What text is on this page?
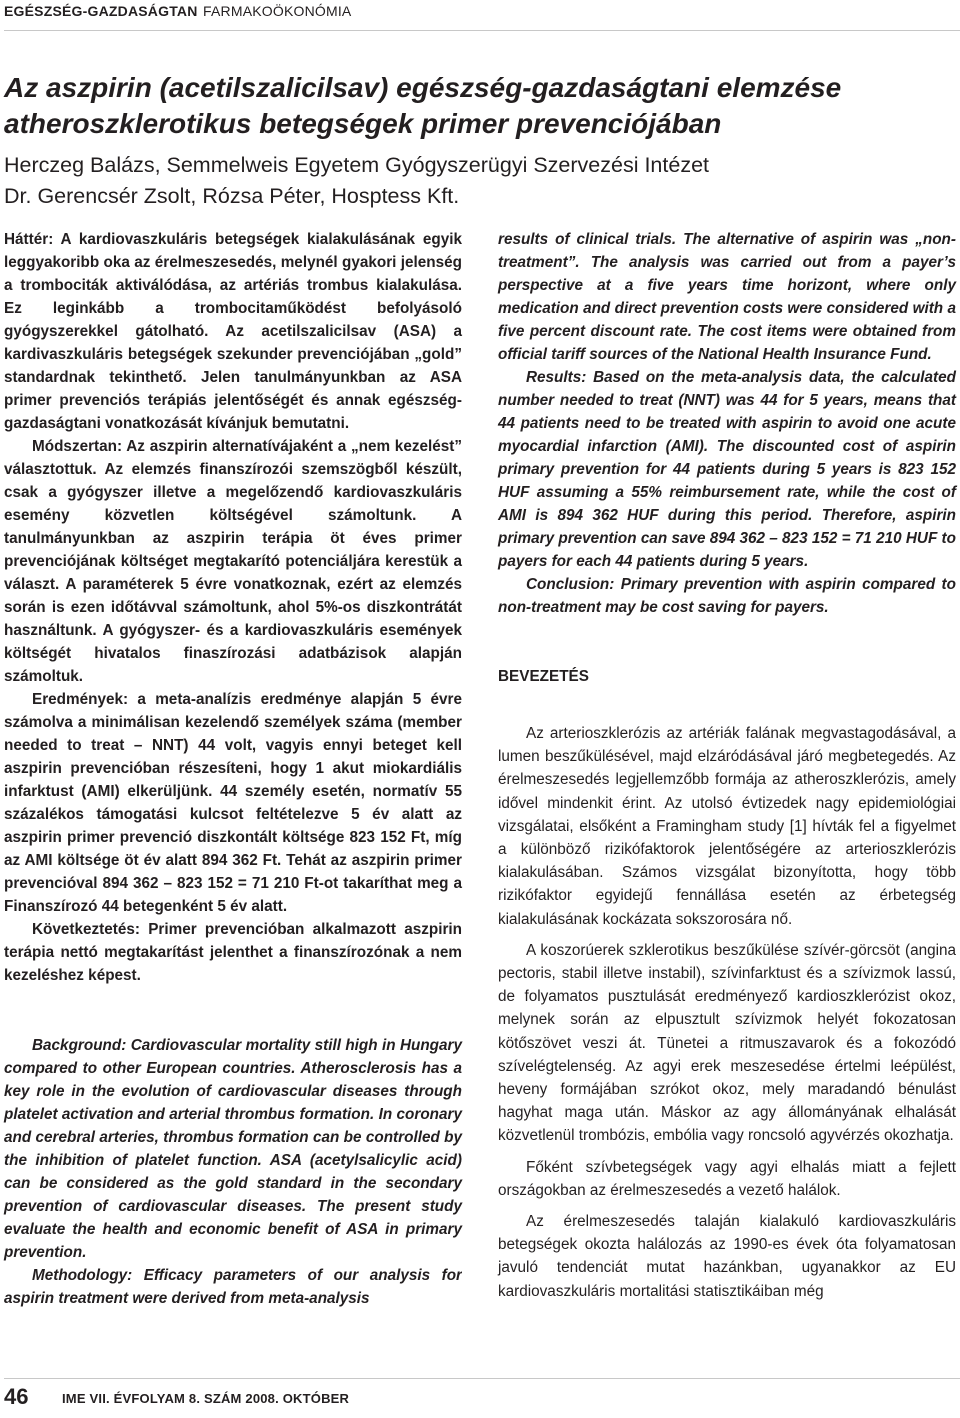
EGÉSZSÉG-GAZDASÁGTAN FARMAKOÖKONÓMIA
Az aszpirin (acetilszalicilsav) egészség-gazdaságtani elemzése atheroszklerotikus betegségek primer prevenciójában
Herczeg Balázs, Semmelweis Egyetem Gyógyszerügyi Szervezési Intézet
Dr. Gerencsér Zsolt, Rózsa Péter, Hosptess Kft.

Háttér: A kardiovaszkuláris betegségek kialakulásának egyik leggyakoribb oka az érelmeszesedés, melynél gyakori jelenség a trombociták aktiválódása, az artériás trombus kialakulása. Ez leginkább a trombocitaműködést befolyásoló gyógyszerekkel gátolható. Az acetilszalicilsav (ASA) a kardivaszkuláris betegségek szekunder prevenciójában „gold” standardnak tekinthető. Jelen tanulmányunkban az ASA primer prevenciós terápiás jelentőségét és annak egészség-gazdaságtani vonatkozását kívánjuk bemutatni.

Módszertan: Az aszpirin alternatívájaként a „nem kezelést” választottuk. Az elemzés finanszírozói szemszögből készült, csak a gyógyszer illetve a megelőzendő kardiovaszkuláris esemény közvetlen költségével számoltunk. A tanulmányunkban az aszpirin terápia öt éves primer prevenciójának költséget megtakarító potenciáljára kerestük a választ. A paraméterek 5 évre vonatkoznak, ezért az elemzés során is ezen időtávval számoltunk, ahol 5%-os diszkontrátát használtunk. A gyógyszer- és a kardiovaszkuláris események költségét hivatalos finaszírozási adatbázisok alapján számoltuk.

Eredmények: a meta-analízis eredménye alapján 5 évre számolva a minimálisan kezelendő személyek száma (member needed to treat – NNT) 44 volt, vagyis ennyi beteget kell aszpirin prevencióban részesíteni, hogy 1 akut miokardiális infarktust (AMI) elkerüljünk. 44 személy esetén, normatív 55 százalékos támogatási kulcsot feltételezve 5 év alatt az aszpirin primer prevenció diszkontált költsége 823 152 Ft, míg az AMI költsége öt év alatt 894 362 Ft. Tehát az aszpirin primer prevencióval 894 362 – 823 152 = 71 210 Ft-ot takaríthat meg a Finanszírozó 44 betegenként 5 év alatt.

Következtetés: Primer prevencióban alkalmazott aszpirin terápia nettó megtakarítást jelenthet a finanszírozónak a nem kezeléshez képest.

Background: Cardiovascular mortality still high in Hungary compared to other European countries. Atherosclerosis has a key role in the evolution of cardiovascular diseases through platelet activation and arterial thrombus formation. In coronary and cerebral arteries, thrombus formation can be controlled by the inhibition of platelet function. ASA (acetylsalicylic acid) can be considered as the gold standard in the secondary prevention of cardiovascular diseases. The present study evaluate the health and economic benefit of ASA in primary prevention.

Methodology: Efficacy parameters of our analysis for aspirin treatment were derived from meta-analysis

results of clinical trials. The alternative of aspirin was „non-treatment”. The analysis was carried out from a payer’s perspective at a five years time horizont, where only medication and direct prevention costs were considered with a five percent discount rate. The cost items were obtained from official tariff sources of the National Health Insurance Fund.

Results: Based on the meta-analysis data, the calculated number needed to treat (NNT) was 44 for 5 years, means that 44 patients need to be treated with aspirin to avoid one acute myocardial infarction (AMI). The discounted cost of aspirin primary prevention for 44 patients during 5 years is 823 152 HUF assuming a 55% reimbursement rate, while the cost of AMI is 894 362 HUF during this period. Therefore, aspirin primary prevention can save 894 362 – 823 152 = 71 210 HUF to payers for each 44 patients during 5 years.

Conclusion: Primary prevention with aspirin compared to non-treatment may be cost saving for payers.

BEVEZETÉS

Az arterioszklerózis az artériák falának megvastagodásával, a lumen beszűkülésével, majd elzáródásával járó megbetegedés. Az érelmeszesedés legjellemzőbb formája az atheroszklerózis, amely idővel mindenkit érint. Az utolsó évtizedek nagy epidemiológiai vizsgálatai, elsőként a Framingham study [1] hívták fel a figyelmet a különböző rizikófaktorok jelentőségére az arterioszklerózis kialakulásában. Számos vizsgálat bizonyította, hogy több rizikófaktor egyidejű fennállása esetén az érbetegség kialakulásának kockázata sokszorosára nő.

A koszorúerek szklerotikus beszűkülése szívér-görcsöt (angina pectoris, stabil illetve instabil), szívinfarktust és a szívizmok lassú, de folyamatos pusztulását eredményező kardioszklerózist okoz, melynek során az elpusztult szívizmok helyét fokozatosan kötőszövet veszi át. Tünetei a ritmuszavarok és a fokozódó szívelégtelenség. Az agyi erek meszesedése értelmi leépülést, heveny formájában szrókot okoz, mely maradandó bénulást hagyhat maga után. Máskor az agy állományának elhalását közvetlenül trombózis, embólia vagy roncsoló agyvérzés okozhatja.

Főként szívbetegségek vagy agyi elhalás miatt a fejlett országokban az érelmeszesedés a vezető halálok.

Az érelmeszesedés talaján kialakuló kardiovaszkuláris betegségek okozta halálozás az 1990-es évek óta folyamatosan javuló tendenciát mutat hazánkban, ugyanakkor az EU kardiovaszkuláris mortalitási statisztikáiban még

46	IME VII. ÉVFOLYAM 8. SZÁM 2008. OKTÓBER
